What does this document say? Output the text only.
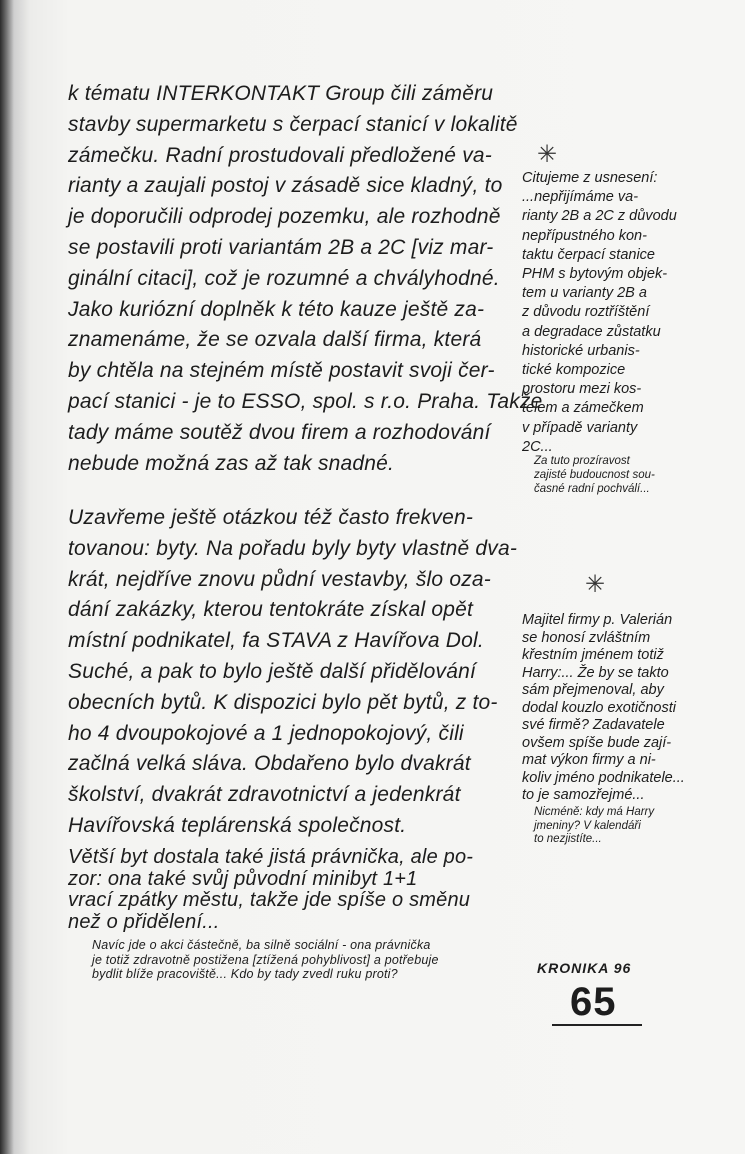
✳
✳
KRONIKA 96
65
k tématu INTERKONTAKT Group čili záměru
stavby supermarketu s čerpací stanicí v lokalitě
zámečku. Radní prostudovali předložené va-
rianty a zaujali postoj v zásadě sice kladný, to
je doporučili odprodej pozemku, ale rozhodně
se postavili proti variantám 2B a 2C [viz mar-
ginální citaci], což je rozumné a chvályhodné.
Jako kuriózní doplněk k této kauze ještě za-
znamenáme, že se ozvala další firma, která
by chtěla na stejném místě postavit svoji čer-
pací stanici - je to ESSO, spol. s r.o. Praha. Takže
tady máme soutěž dvou firem a rozhodování
nebude možná zas až tak snadné.
Uzavřeme ještě otázkou též často frekven-
tovanou: byty. Na pořadu byly byty vlastně dva-
krát, nejdříve znovu půdní vestavby, šlo oza-
dání zakázky, kterou tentokráte získal opět
místní podnikatel, fa STAVA z Havířova Dol.
Suché, a pak to bylo ještě další přidělování
obecních bytů. K dispozici bylo pět bytů, z to-
ho 4 dvoupokojové a 1 jednopokojový, čili
začlná velká sláva. Obdařeno bylo dvakrát
školství, dvakrát zdravotnictví a jedenkrát
Havířovská teplárenská společnost.
Větší byt dostala také jistá právnička, ale po-
zor: ona také svůj původní minibyt 1+1
vrací zpátky městu, takže jde spíše o směnu
než o přidělení...
Navíc jde o akci částečně, ba silně sociální - ona právnička
je totiž zdravotně postižena [ztížená pohyblivost] a potřebuje
bydlit blíže pracoviště... Kdo by tady zvedl ruku proti?
Citujeme z usnesení:
...nepřijímáme va-
rianty 2B a 2C z důvodu
nepřípustného kon-
taktu čerpací stanice
PHM s bytovým objek-
tem u varianty 2B a
z důvodu roztříštění
a degradace zůstatku
historické urbanis-
tické kompozice
prostoru mezi kos-
telem a zámečkem
v případě varianty
2C...
Za tuto prozíravost
zajisté budoucnost sou-
časné radní pochválí...
Majitel firmy p. Valerián
se honosí zvláštním
křestním jménem totiž
Harry:... Že by se takto
sám přejmenoval, aby
dodal kouzlo exotičnosti
své firmě? Zadavatele
ovšem spíše bude zají-
mat výkon firmy a ni-
koliv jméno podnikatele...
to je samozřejmé...
Nicméně: kdy má Harry
jmeniny? V kalendáři
to nezjistíte...
